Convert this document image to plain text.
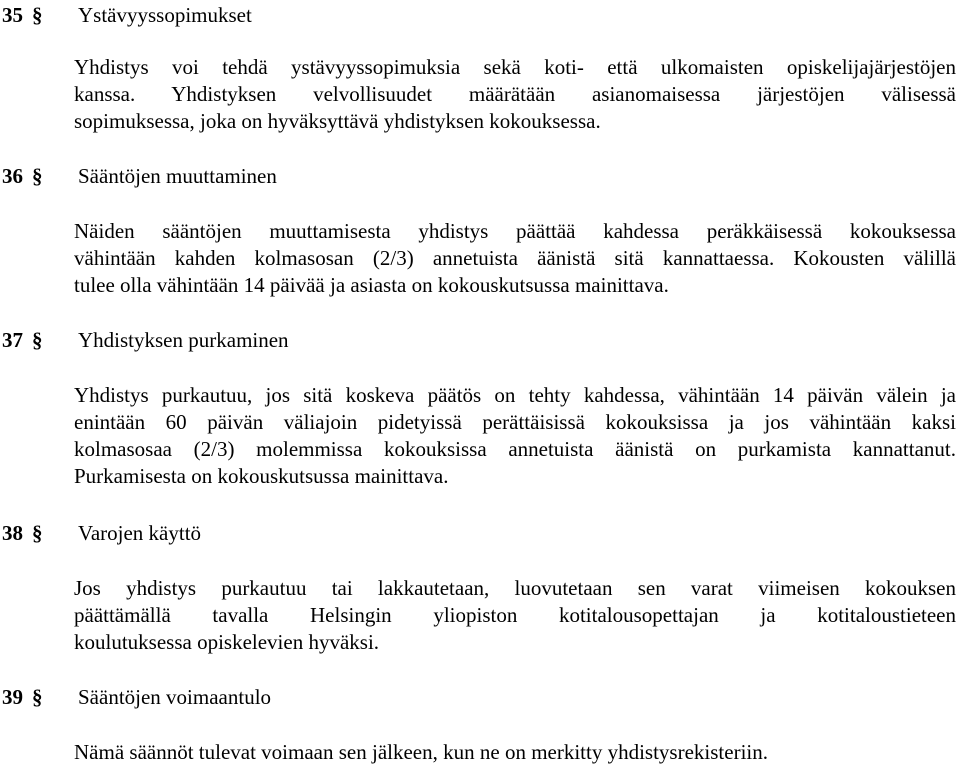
35 §	Ystävyyssopimukset
Yhdistys voi tehdä ystävyyssopimuksia sekä koti- että ulkomaisten opiskelijajärjestöjen
kanssa. Yhdistyksen velvollisuudet määrätään asianomaisessa järjestöjen välisessä
sopimuksessa, joka on hyväksyttävä yhdistyksen kokouksessa.
36 §	Sääntöjen muuttaminen
Näiden sääntöjen muuttamisesta yhdistys päättää kahdessa peräkkäisessä kokouksessa
vähintään kahden kolmasosan (2/3) annetuista äänistä sitä kannattaessa. Kokousten välillä
tulee olla vähintään 14 päivää ja asiasta on kokouskutsussa mainittava.
37 §	Yhdistyksen purkaminen
Yhdistys purkautuu, jos sitä koskeva päätös on tehty kahdessa, vähintään 14 päivän välein ja
enintään 60 päivän väliajoin pidetyissä perättäisissä kokouksissa ja jos vähintään kaksi
kolmasosaa (2/3) molemmissa kokouksissa annetuista äänistä on purkamista kannattanut.
Purkamisesta on kokouskutsussa mainittava.
38 §	Varojen käyttö
Jos yhdistys purkautuu tai lakkautetaan, luovutetaan sen varat viimeisen kokouksen
päättämällä tavalla Helsingin yliopiston kotitalousopettajan ja kotitaloustieteen
koulutuksessa opiskelevien hyväksi.
39 §	Sääntöjen voimaantulo
Nämä säännöt tulevat voimaan sen jälkeen, kun ne on merkitty yhdistysrekisteriin.
